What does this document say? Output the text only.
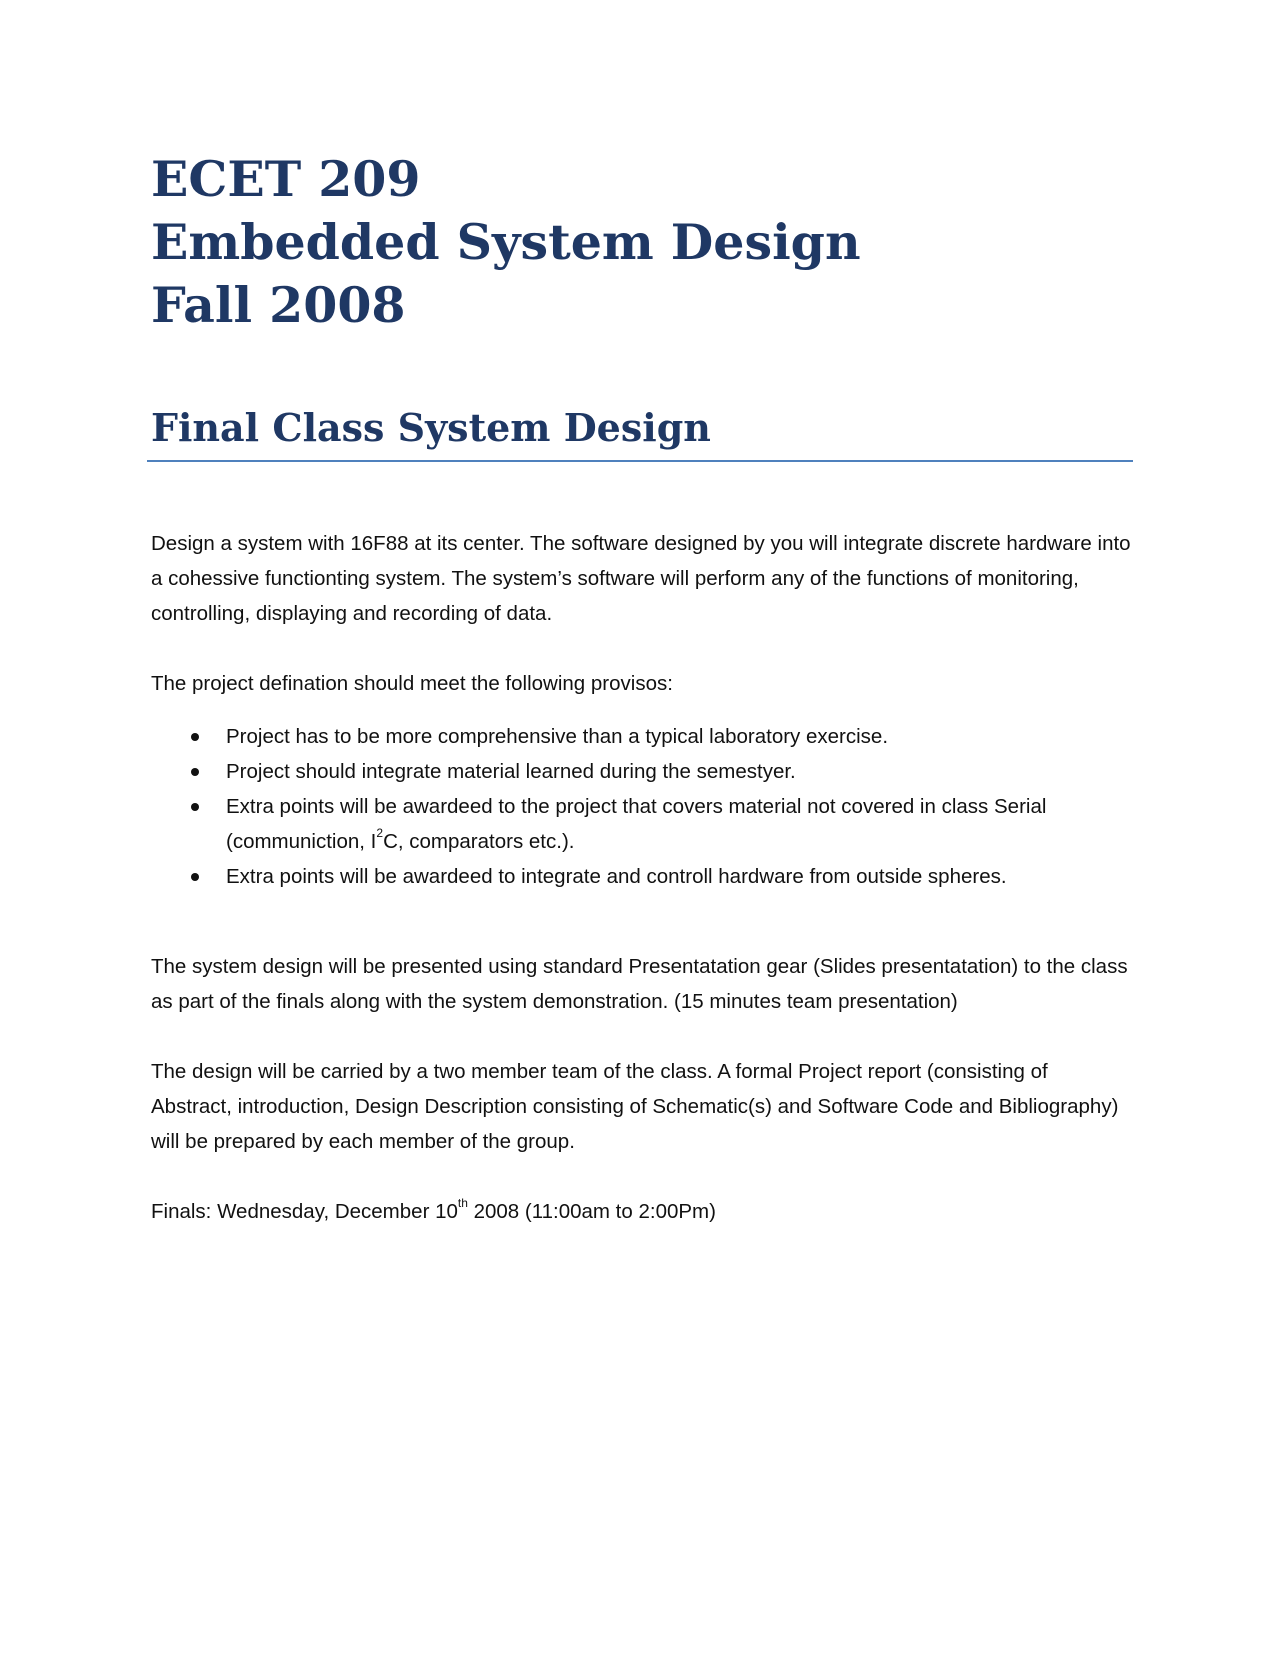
ECET 209
Embedded System Design
Fall 2008
Final Class System Design

Design a system with 16F88 at its center. The software designed by you will integrate discrete hardware into a cohessive functionting system. The system’s software will perform any of the functions of monitoring, controlling, displaying and recording of data.

The project defination should meet the following provisos:

Project has to be more comprehensive than a typical laboratory exercise.
Project should integrate material learned during the semestyer.
Extra points will be awardeed to the project that covers material not covered in class Serial (communiction, $I^2C$, comparators etc.).
Extra points will be awardeed to integrate and controll hardware from outside spheres.

The system design will be presented using standard Presentatation gear (Slides presentatation) to the class as part of the finals along with the system demonstration. (15 minutes team presentation)

The design will be carried by a two member team of the class. A formal Project report (consisting of Abstract, introduction, Design Description consisting of Schematic(s) and Software Code and Bibliography) will be prepared by each member of the group.

Finals: Wednesday, December 10th 2008 (11:00am to 2:00Pm)
